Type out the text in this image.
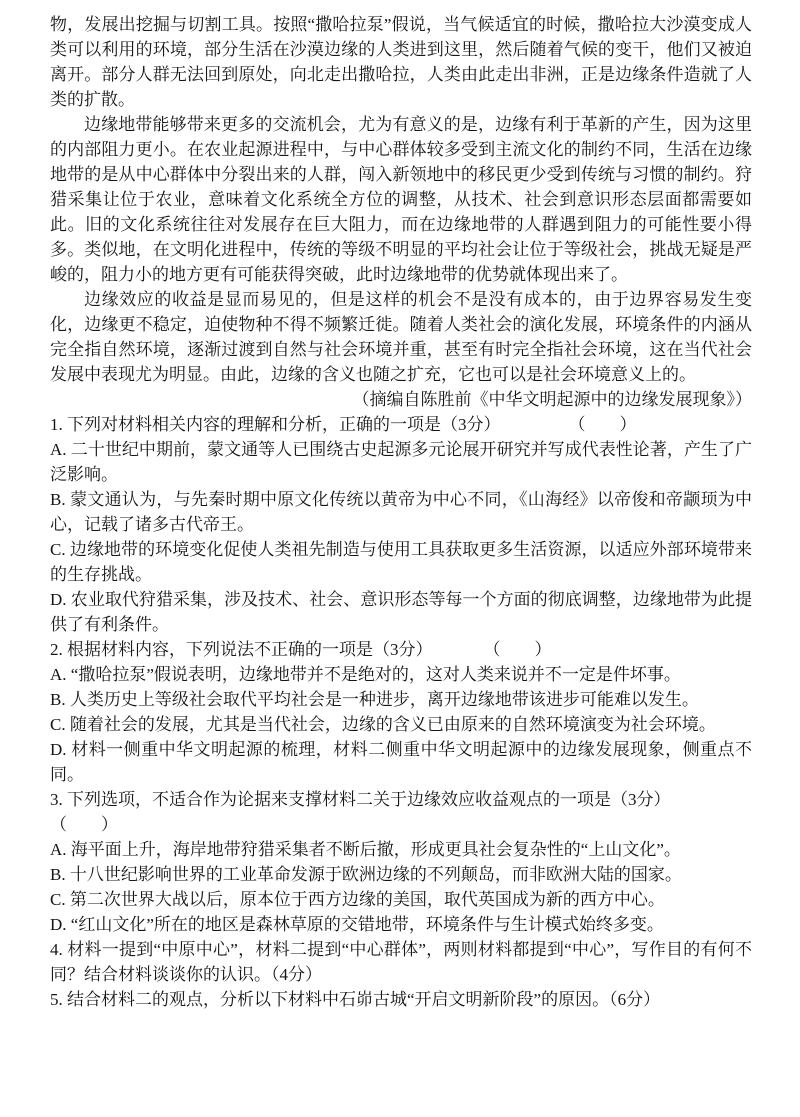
物，发展出挖掘与切割工具。按照“撒哈拉泵”假说，当气候适宜的时候，撒哈拉大沙漠变成人类可以利用的环境，部分生活在沙漠边缘的人类进到这里，然后随着气候的变干，他们又被迫离开。部分人群无法回到原处，向北走出撒哈拉，人类由此走出非洲，正是边缘条件造就了人类的扩散。

边缘地带能够带来更多的交流机会，尤为有意义的是，边缘有利于革新的产生，因为这里的内部阻力更小。在农业起源进程中，与中心群体较多受到主流文化的制约不同，生活在边缘地带的是从中心群体中分裂出来的人群，闯入新领地中的移民更少受到传统与习惯的制约。狩猎采集让位于农业，意味着文化系统全方位的调整，从技术、社会到意识形态层面都需要如此。旧的文化系统往往对发展存在巨大阻力，而在边缘地带的人群遇到阻力的可能性要小得多。类似地，在文明化进程中，传统的等级不明显的平均社会让位于等级社会，挑战无疑是严峻的，阻力小的地方更有可能获得突破，此时边缘地带的优势就体现出来了。

边缘效应的收益是显而易见的，但是这样的机会不是没有成本的，由于边界容易发生变化，边缘更不稳定，迫使物种不得不频繁迁徙。随着人类社会的演化发展，环境条件的内涵从完全指自然环境，逐渐过渡到自然与社会环境并重，甚至有时完全指社会环境，这在当代社会发展中表现尤为明显。由此，边缘的含义也随之扩充，它也可以是社会环境意义上的。

（摘编自陈胜前《中华文明起源中的边缘发展现象》）

1. 下列对材料相关内容的理解和分析，正确的一项是（3分）　　　　　（　　）

A. 二十世纪中期前，蒙文通等人已围绕古史起源多元论展开研究并写成代表性论著，产生了广泛影响。

B. 蒙文通认为，与先秦时期中原文化传统以黄帝为中心不同，《山海经》以帝俊和帝颛顼为中心，记载了诸多古代帝王。

C. 边缘地带的环境变化促使人类祖先制造与使用工具获取更多生活资源，以适应外部环境带来的生存挑战。

D. 农业取代狩猎采集，涉及技术、社会、意识形态等每一个方面的彻底调整，边缘地带为此提供了有利条件。

2. 根据材料内容，下列说法不正确的一项是（3分）　　　　（　　）

A. “撒哈拉泵”假说表明，边缘地带并不是绝对的，这对人类来说并不一定是件坏事。

B. 人类历史上等级社会取代平均社会是一种进步，离开边缘地带该进步可能难以发生。

C. 随着社会的发展，尤其是当代社会，边缘的含义已由原来的自然环境演变为社会环境。

D. 材料一侧重中华文明起源的梳理，材料二侧重中华文明起源中的边缘发展现象，侧重点不同。

3. 下列选项，不适合作为论据来支撑材料二关于边缘效应收益观点的一项是（3分）

（　　）

A. 海平面上升，海岸地带狩猎采集者不断后撤，形成更具社会复杂性的“上山文化”。

B. 十八世纪影响世界的工业革命发源于欧洲边缘的不列颠岛，而非欧洲大陆的国家。

C. 第二次世界大战以后，原本位于西方边缘的美国，取代英国成为新的西方中心。

D. “红山文化”所在的地区是森林草原的交错地带，环境条件与生计模式始终多变。

4. 材料一提到“中原中心”，材料二提到“中心群体”，两则材料都提到“中心”，写作目的有何不同？结合材料谈谈你的认识。（4分）

5. 结合材料二的观点，分析以下材料中石峁古城“开启文明新阶段”的原因。（6分）
